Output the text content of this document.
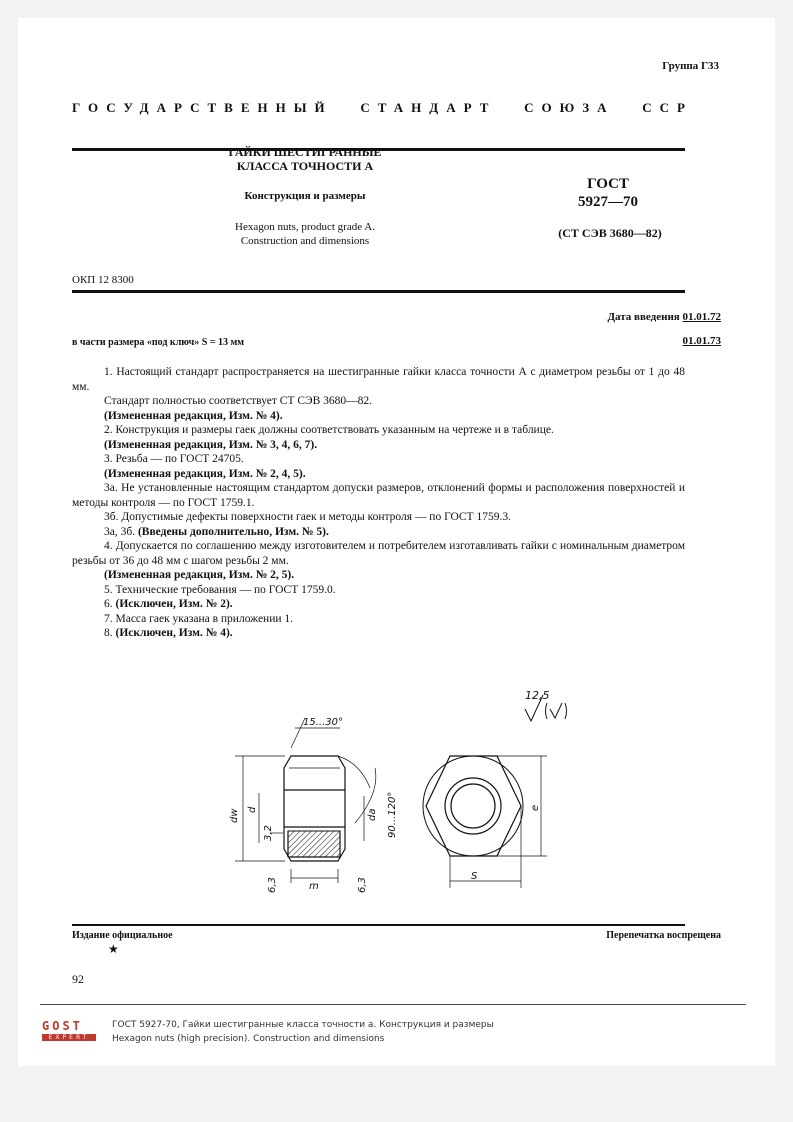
Группа Г33
ГОСУДАРСТВЕННЫЙ СТАНДАРТ СОЮЗА ССР
ГАЙКИ ШЕСТИГРАННЫЕ
КЛАССА ТОЧНОСТИ А
Конструкция и размеры
Hexagon nuts, product grade A.
Construction and dimensions
ГОСТ
5927—70
(СТ СЭВ 3680—82)
ОКП 12 8300
Дата введения 01.01.72
в части размера «под ключ» S = 13 мм	01.01.73

1. Настоящий стандарт распространяется на шестигранные гайки класса точности А с диаметром резьбы от 1 до 48 мм.

Стандарт полностью соответствует СТ СЭВ 3680—82.

(Измененная редакция, Изм. № 4).

2. Конструкция и размеры гаек должны соответствовать указанным на чертеже и в таблице.

(Измененная редакция, Изм. № 3, 4, 6, 7).

3. Резьба — по ГОСТ 24705.

(Измененная редакция, Изм. № 2, 4, 5).

3а. Не установленные настоящим стандартом допуски размеров, отклонений формы и расположения поверхностей и методы контроля — по ГОСТ 1759.1.

3б. Допустимые дефекты поверхности гаек и методы контроля — по ГОСТ 1759.3.

3а, 3б. (Введены дополнительно, Изм. № 5).

4. Допускается по соглашению между изготовителем и потребителем изготавливать гайки с номинальным диаметром резьбы от 36 до 48 мм с шагом резьбы 2 мм.

(Измененная редакция, Изм. № 2, 5).

5. Технические требования — по ГОСТ 1759.0.

6. (Исключен, Изм. № 2).

7. Масса гаек указана в приложении 1.

8. (Исключен, Изм. № 4).

12,5
15...30°
dw d	da 90...120°
3,2
6,3	6,3
m
S
e
Издание официальное	Перепечатка воспрещена
★
92
GOST
EXPERT
ГОСТ 5927-70, Гайки шестигранные класса точности а. Конструкция и размеры
Hexagon nuts (high precision). Construction and dimensions
